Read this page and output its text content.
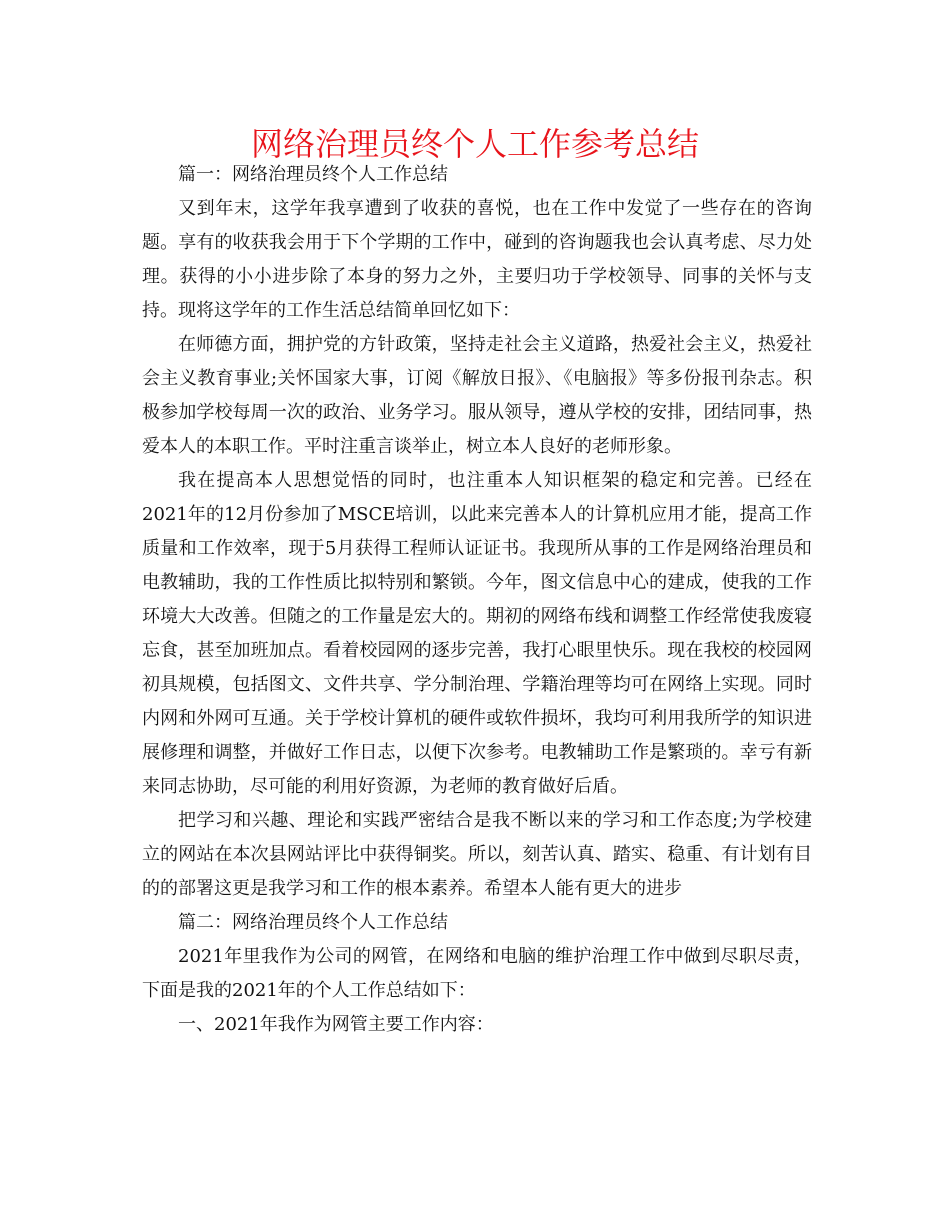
网络治理员终个人工作参考总结

篇一：网络治理员终个人工作总结

又到年末，这学年我享遭到了收获的喜悦，也在工作中发觉了一些存在的咨询题。享有的收获我会用于下个学期的工作中，碰到的咨询题我也会认真考虑、尽力处理。获得的小小进步除了本身的努力之外，主要归功于学校领导、同事的关怀与支持。现将这学年的工作生活总结简单回忆如下：

在师德方面，拥护党的方针政策，坚持走社会主义道路，热爱社会主义，热爱社会主义教育事业;关怀国家大事，订阅《解放日报》、《电脑报》等多份报刊杂志。积极参加学校每周一次的政治、业务学习。服从领导，遵从学校的安排，团结同事，热爱本人的本职工作。平时注重言谈举止，树立本人良好的老师形象。

我在提高本人思想觉悟的同时，也注重本人知识框架的稳定和完善。已经在2021年的12月份参加了MSCE培训，以此来完善本人的计算机应用才能，提高工作质量和工作效率，现于5月获得工程师认证证书。我现所从事的工作是网络治理员和电教辅助，我的工作性质比拟特别和繁锁。今年，图文信息中心的建成，使我的工作环境大大改善。但随之的工作量是宏大的。期初的网络布线和调整工作经常使我废寝忘食，甚至加班加点。看着校园网的逐步完善，我打心眼里快乐。现在我校的校园网初具规模，包括图文、文件共享、学分制治理、学籍治理等均可在网络上实现。同时内网和外网可互通。关于学校计算机的硬件或软件损坏，我均可利用我所学的知识进展修理和调整，并做好工作日志，以便下次参考。电教辅助工作是繁琐的。幸亏有新来同志协助，尽可能的利用好资源，为老师的教育做好后盾。

把学习和兴趣、理论和实践严密结合是我不断以来的学习和工作态度;为学校建立的网站在本次县网站评比中获得铜奖。所以，刻苦认真、踏实、稳重、有计划有目的的部署这更是我学习和工作的根本素养。希望本人能有更大的进步

篇二：网络治理员终个人工作总结

2021年里我作为公司的网管，在网络和电脑的维护治理工作中做到尽职尽责，下面是我的2021年的个人工作总结如下：

一、2021年我作为网管主要工作内容：
